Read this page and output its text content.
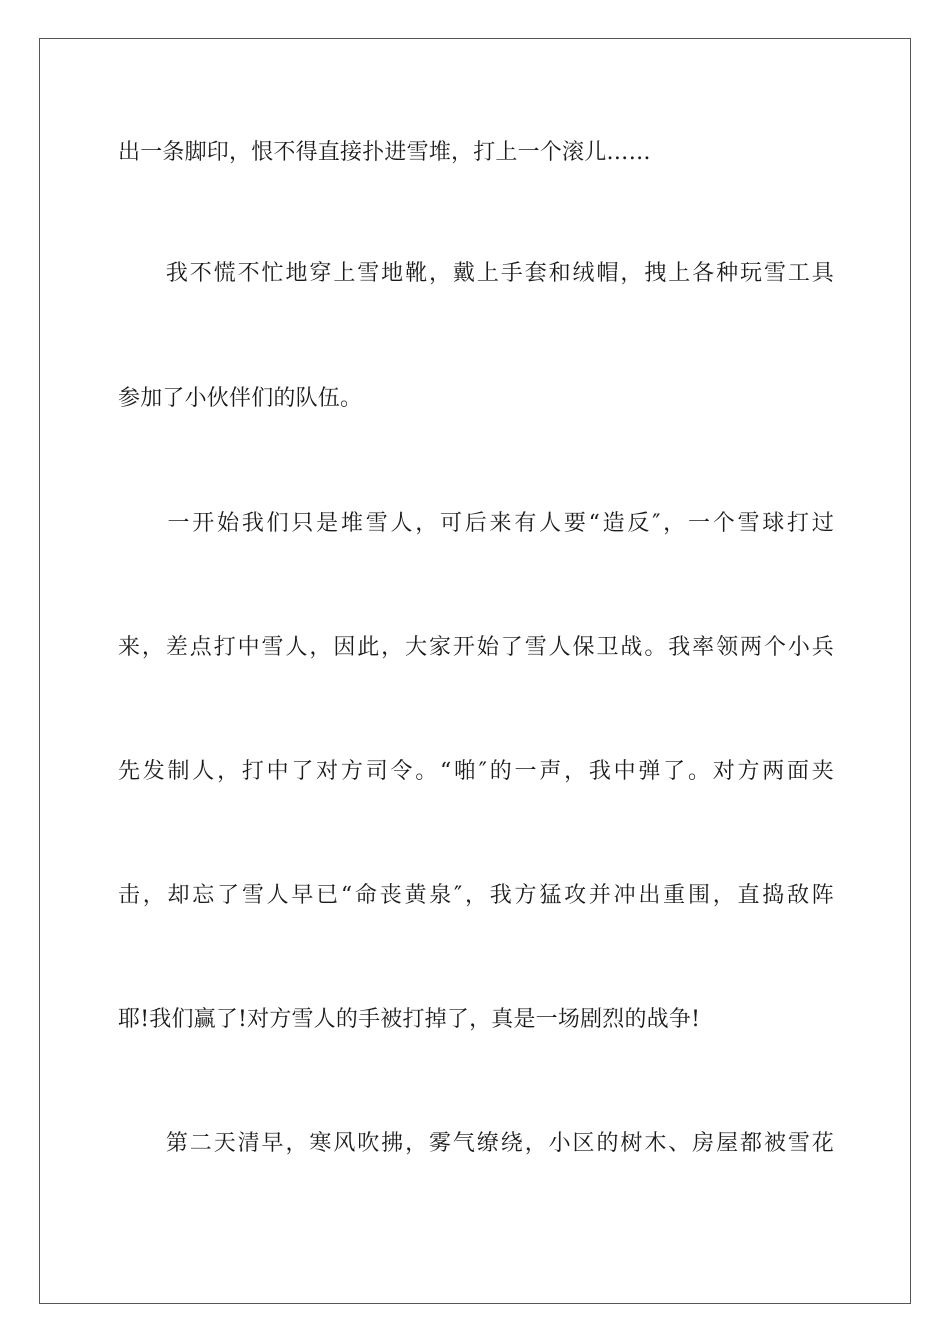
出一条脚印，恨不得直接扑进雪堆，打上一个滚儿……
　　我不慌不忙地穿上雪地靴，戴上手套和绒帽，拽上各种玩雪工具
参加了小伙伴们的队伍。
　　一开始我们只是堆雪人，可后来有人要“造反″，一个雪球打过
来，差点打中雪人，因此，大家开始了雪人保卫战。我率领两个小兵
先发制人，打中了对方司令。“啪″的一声，我中弹了。对方两面夹
击，却忘了雪人早已“命丧黄泉″，我方猛攻并冲出重围，直捣敌阵
耶!我们赢了!对方雪人的手被打掉了，真是一场剧烈的战争!
　　第二天清早，寒风吹拂，雾气缭绕，小区的树木、房屋都被雪花
